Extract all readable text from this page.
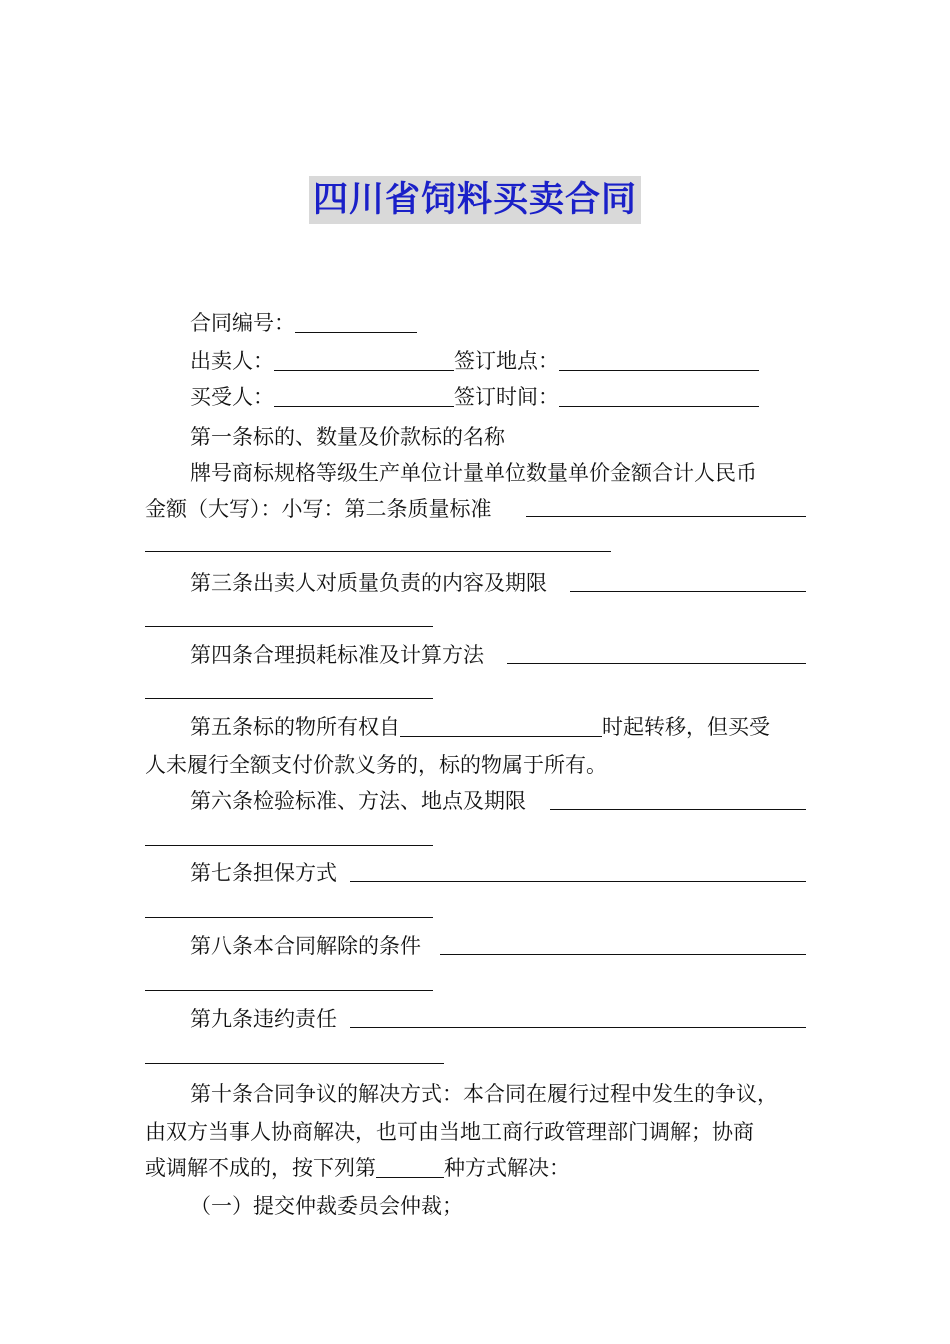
四川省饲料买卖合同
合同编号：
出卖人：	签订地点：
买受人：	签订时间：
第一条标的、数量及价款标的名称
牌号商标规格等级生产单位计量单位数量单价金额合计人民币
金额（大写）：小写：第二条质量标准
第三条出卖人对质量负责的内容及期限
第四条合理损耗标准及计算方法
第五条标的物所有权自	时起转移，但买受
人未履行全额支付价款义务的，标的物属于所有。
第六条检验标准、方法、地点及期限
第七条担保方式
第八条本合同解除的条件
第九条违约责任
第十条合同争议的解决方式：本合同在履行过程中发生的争议，
由双方当事人协商解决，也可由当地工商行政管理部门调解；协商
或调解不成的，按下列第	种方式解决：
（一）提交仲裁委员会仲裁；
